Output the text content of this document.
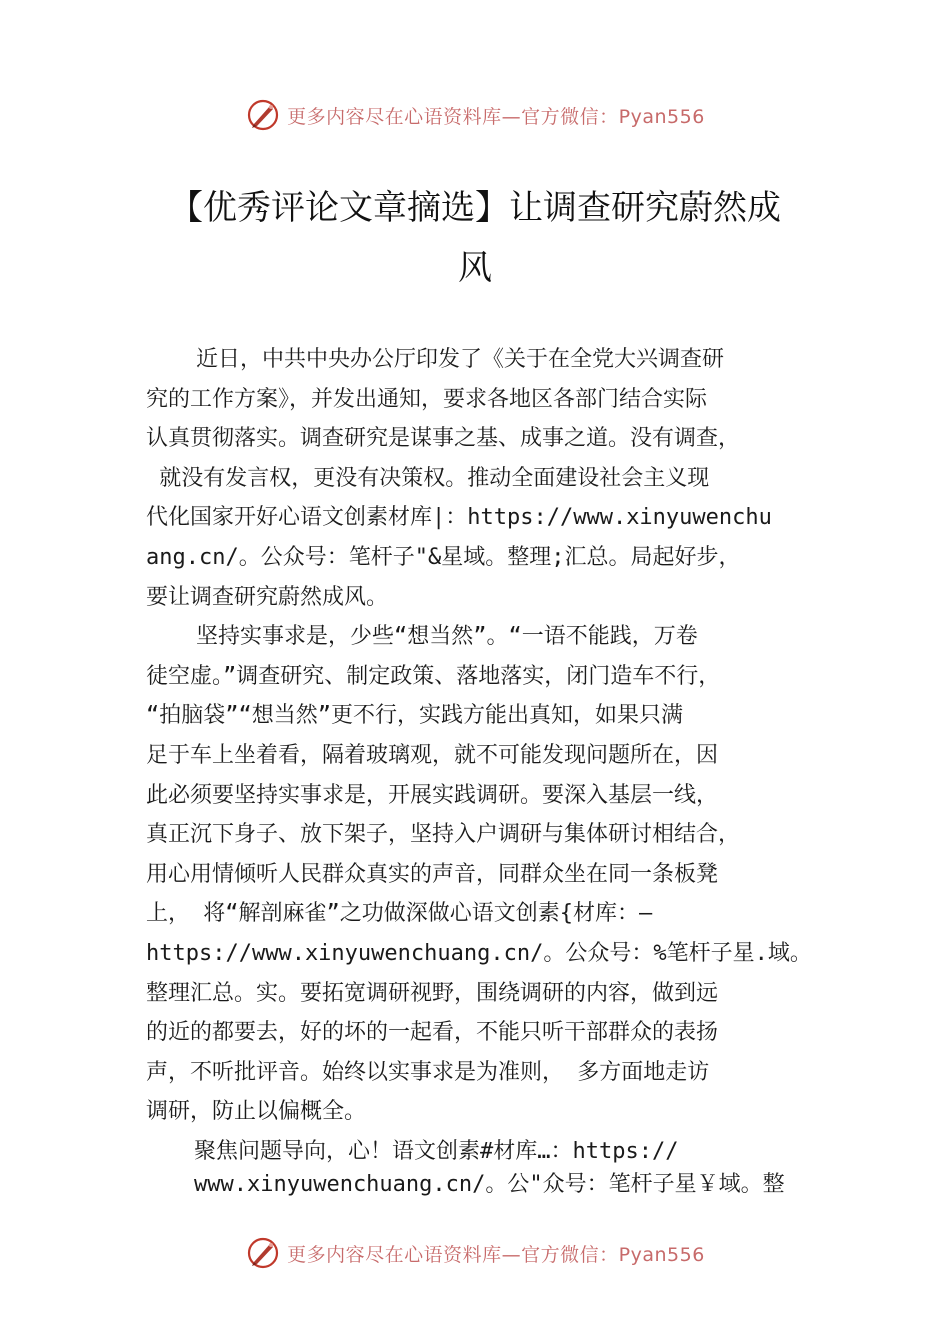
更多内容尽在心语资料库—官方微信：Pyan556
【优秀评论文章摘选】让调查研究蔚然成
风
近日，中共中央办公厅印发了《关于在全党大兴调查研
究的工作方案》，并发出通知，要求各地区各部门结合实际
认真贯彻落实。调查研究是谋事之基、成事之道。没有调查，
就没有发言权，更没有决策权。推动全面建设社会主义现
代化国家开好心语文创素材库|：https://www.xinyuwenchu
ang.cn/。公众号：笔杆子"&星域。整理;汇总。局起好步，
要让调查研究蔚然成风。
坚持实事求是，少些“想当然”。“一语不能践，万卷
徒空虚。”调查研究、制定政策、落地落实，闭门造车不行，
“拍脑袋”“想当然”更不行，实践方能出真知，如果只满
足于车上坐着看，隔着玻璃观，就不可能发现问题所在，因
此必须要坚持实事求是，开展实践调研。要深入基层一线，
真正沉下身子、放下架子，坚持入户调研与集体研讨相结合，
用心用情倾听人民群众真实的声音，同群众坐在同一条板凳
上， 将“解剖麻雀”之功做深做心语文创素{材库：—
https://www.xinyuwenchuang.cn/。公众号：%笔杆子星.域。
整理汇总。实。要拓宽调研视野，围绕调研的内容，做到远
的近的都要去，好的坏的一起看，不能只听干部群众的表扬
声，不听批评音。始终以实事求是为准则， 多方面地走访
调研，防止以偏概全。
聚焦问题导向，心！语文创素#材库…：https://
www.xinyuwenchuang.cn/。公"众号：笔杆子星￥域。整
更多内容尽在心语资料库—官方微信：Pyan556
